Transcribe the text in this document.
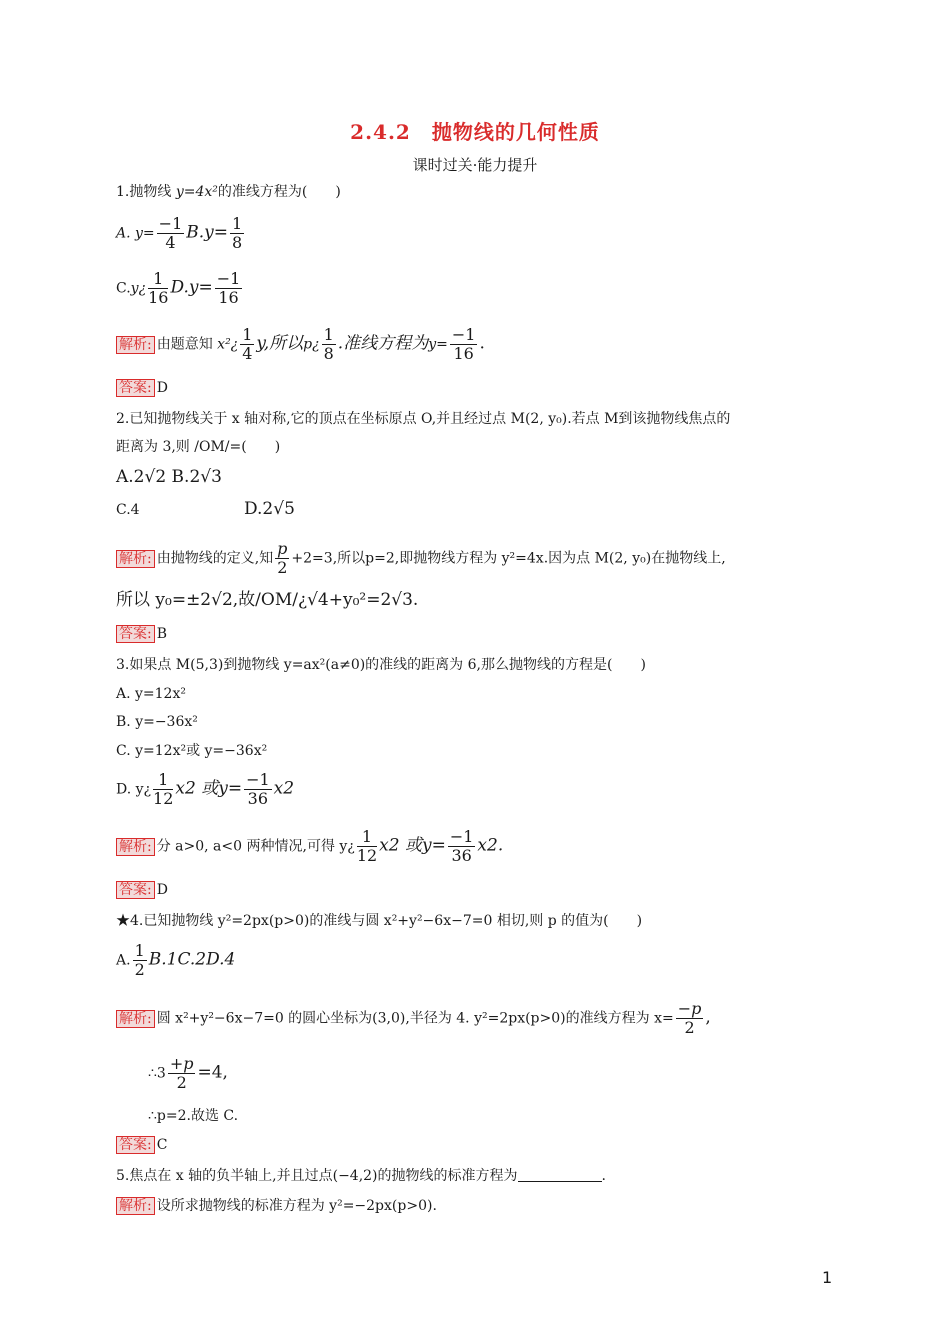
2.4.2　抛物线的几何性质
课时过关·能力提升
1.抛物线 y=4x²的准线方程为(　　)
A. $y= \frac{-1}{4} B.y= \frac{1}{8}$
C.y¿ $\frac{1}{16} D.y= \frac{-1}{16}$
解析: 由题意知 x²¿ $\frac{1}{4} y$,所以p¿ $\frac{1}{8}$ .准线方程为$y= \frac{-1}{16}$ .
答案: D
2.已知抛物线关于 x 轴对称,它的顶点在坐标原点 O,并且经过点 M(2, y₀).若点 M到该抛物线焦点的
距离为 3,则 /OM/=(　　)
A.2√2 B.2√3
C.4	D.2√5
解析: 由抛物线的定义,知 $\frac{p}{2} +2=3$,所以p=2,即抛物线方程为 y²=4x.因为点 M(2, y₀)在抛物线上,
所以 y₀=±2√2,故/OM/¿√4+y₀²=2√3.
答案: B
3.如果点 M(5,3)到抛物线 y=ax²(a≠0)的准线的距离为 6,那么抛物线的方程是(　　)
A. y=12x²
B. y=−36x²
C. y=12x²或 y=−36x²
D. y¿ $\frac{1}{12} x2$ 或$y= \frac{-1}{36} x2$
解析: 分 a>0, a<0 两种情况,可得 y¿ $\frac{1}{12} x2$ 或$y= \frac{-1}{36} x2$.
答案: D
★4.已知抛物线 y²=2px(p>0)的准线与圆 x²+y²−6x−7=0 相切,则 p 的值为(　　)
A. $\frac{1}{2} B.1C.2D.4$
解析: 圆 x²+y²−6x−7=0 的圆心坐标为(3,0),半径为 4. y²=2px(p>0)的准线方程为 $x= \frac{-p}{2}$ ,
∴3 $\frac{+p}{2} =4$,
∴p=2.故选 C.
答案: C
5.焦点在 x 轴的负半轴上,并且过点(−4,2)的抛物线的标准方程为	.
解析: 设所求抛物线的标准方程为 y²=−2px(p>0).
1
